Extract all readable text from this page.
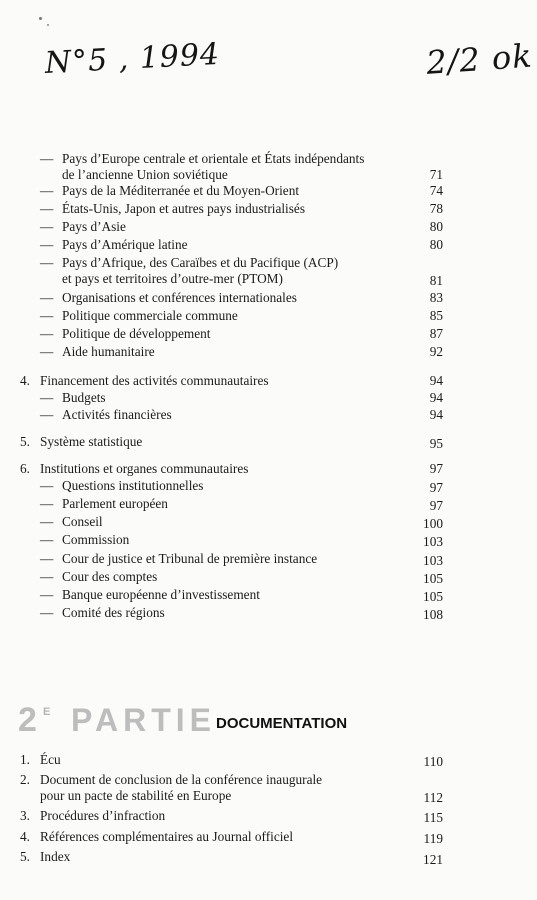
N°5 , 1994	2/2 ok
— Pays d’Europe centrale et orientale et États indépendants
de l’ancienne Union soviétique	71
— Pays de la Méditerranée et du Moyen-Orient	74
— États-Unis, Japon et autres pays industrialisés	78
— Pays d’Asie	80
— Pays d’Amérique latine	80
— Pays d’Afrique, des Caraïbes et du Pacifique (ACP)
et pays et territoires d’outre-mer (PTOM)	81
— Organisations et conférences internationales	83
— Politique commerciale commune	85
— Politique de développement	87
— Aide humanitaire	92
4. Financement des activités communautaires	94
— Budgets	94
— Activités financières	94
5. Système statistique	95
6. Institutions et organes communautaires	97
— Questions institutionnelles	97
— Parlement européen	97
— Conseil	100
— Commission	103
— Cour de justice et Tribunal de première instance	103
— Cour des comptes	105
— Banque européenne d’investissement	105
— Comité des régions	108
2 E PARTIE DOCUMENTATION
1. Écu	110
2. Document de conclusion de la conférence inaugurale
pour un pacte de stabilité en Europe	112
3. Procédures d’infraction	115
4. Références complémentaires au Journal officiel	119
5. Index	121
